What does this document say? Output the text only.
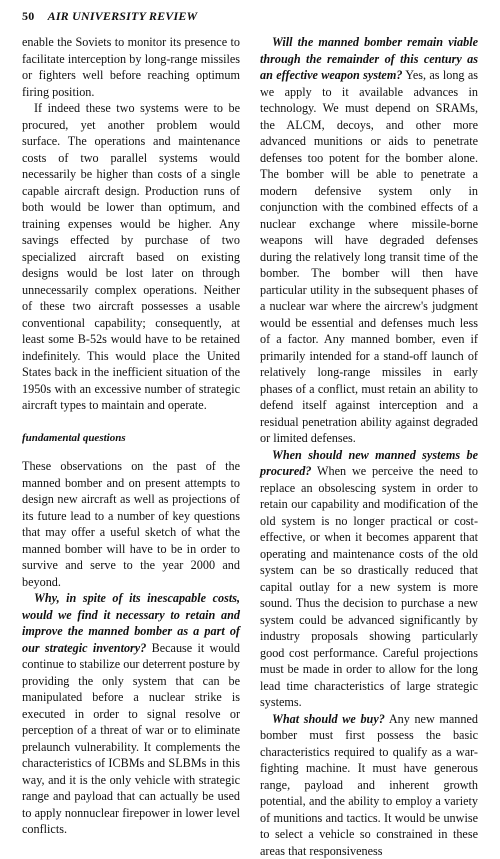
50 AIR UNIVERSITY REVIEW

enable the Soviets to monitor its presence to facilitate interception by long-range missiles or fighters well before reaching optimum firing position.

If indeed these two systems were to be procured, yet another problem would surface. The operations and maintenance costs of two parallel systems would necessarily be higher than costs of a single capable aircraft design. Production runs of both would be lower than optimum, and training expenses would be higher. Any savings effected by purchase of two specialized aircraft based on existing designs would be lost later on through unnecessarily complex operations. Neither of these two aircraft possesses a usable conventional capability; consequently, at least some B-52s would have to be retained indefinitely. This would place the United States back in the inefficient situation of the 1950s with an excessive number of strategic aircraft types to maintain and operate.

fundamental questions

These observations on the past of the manned bomber and on present attempts to design new aircraft as well as projections of its future lead to a number of key questions that may offer a useful sketch of what the manned bomber will have to be in order to survive and serve to the year 2000 and beyond.

Why, in spite of its inescapable costs, would we find it necessary to retain and improve the manned bomber as a part of our strategic inventory? Because it would continue to stabilize our deterrent posture by providing the only system that can be manipulated before a nuclear strike is executed in order to signal resolve or perception of a threat of war or to eliminate prelaunch vulnerability. It complements the characteristics of ICBMs and SLBMs in this way, and it is the only vehicle with strategic range and payload that can actually be used to apply nonnuclear firepower in lower level conflicts.

Will the manned bomber remain viable through the remainder of this century as an effective weapon system? Yes, as long as we apply to it available advances in technology. We must depend on SRAMs, the ALCM, decoys, and other more advanced munitions or aids to penetrate defenses too potent for the bomber alone. The bomber will be able to penetrate a modern defensive system only in conjunction with the combined effects of a nuclear exchange where missile-borne weapons will have degraded defenses during the relatively long transit time of the bomber. The bomber will then have particular utility in the subsequent phases of a nuclear war where the aircrew's judgment would be essential and defenses much less of a factor. Any manned bomber, even if primarily intended for a stand-off launch of relatively long-range missiles in early phases of a conflict, must retain an ability to defend itself against interception and a residual penetration ability against degraded or limited defenses.

When should new manned systems be procured? When we perceive the need to replace an obsolescing system in order to retain our capability and modification of the old system is no longer practical or cost-effective, or when it becomes apparent that operating and maintenance costs of the old system can be so drastically reduced that capital outlay for a new system is more sound. Thus the decision to purchase a new system could be advanced significantly by industry proposals showing particularly good cost performance. Careful projections must be made in order to allow for the long lead time characteristics of large strategic systems.

What should we buy? Any new manned bomber must first possess the basic characteristics required to qualify as a war-fighting machine. It must have generous range, payload and inherent growth potential, and the ability to employ a variety of munitions and tactics. It would be unwise to select a vehicle so constrained in these areas that responsiveness
